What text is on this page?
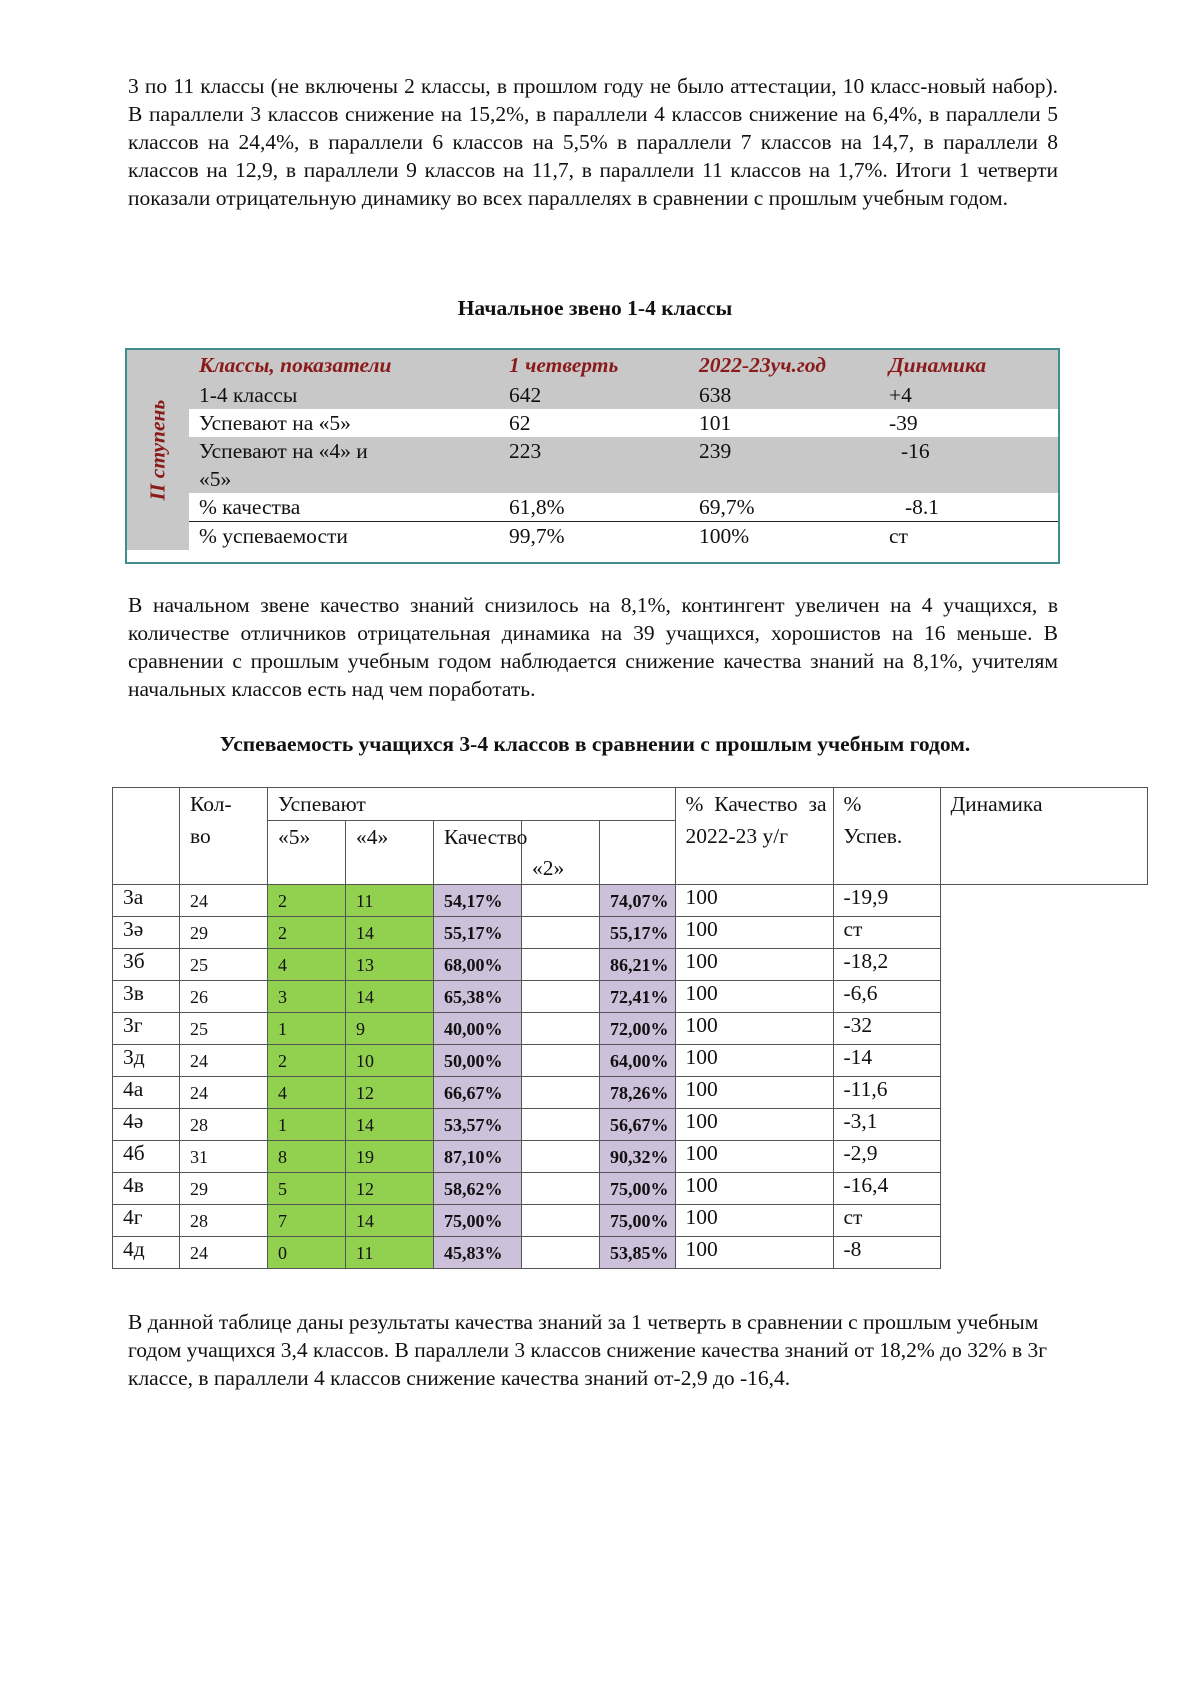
3 по 11 классы (не включены 2 классы, в прошлом году не было аттестации, 10 класс-новый набор). В параллели 3 классов снижение на 15,2%, в параллели 4 классов снижение на 6,4%, в параллели 5 классов на 24,4%, в параллели 6 классов на 5,5% в параллели 7 классов на 14,7, в параллели 8 классов на 12,9, в параллели 9 классов на 11,7, в параллели 11 классов на 1,7%. Итоги 1 четверти показали отрицательную динамику во всех параллелях в сравнении с прошлым учебным годом.
Начальное звено 1-4 классы
II ступень	Классы, показатели	1 четверть	2022-23уч.год	Динамика
	1-4 классы	642	638	+4
	Успевают на «5»	62	101	-39
	Успевают на «4» и «5»	223	239	-16
	% качества	61,8%	69,7%	-8.1
	% успеваемости	99,7%	100%	ст
В начальном звене качество знаний снизилось на 8,1%, контингент увеличен на 4 учащихся, в количестве отличников отрицательная динамика на 39 учащихся, хорошистов на 16 меньше. В сравнении с прошлым учебным годом наблюдается снижение качества знаний на 8,1%, учителям начальных классов есть над чем поработать.
Успеваемость учащихся 3-4 классов в сравнении с прошлым учебным годом.

	Кол-во	Успевают					% Качество за 2022-23 у/г	% Успев.	Динамика
		«5»	«4»	Качество	«2»				
3а	24	2	11	54,17%		74,07%	100	-19,9	
3ә	29	2	14	55,17%		55,17%	100	ст	
3б	25	4	13	68,00%		86,21%	100	-18,2	
3в	26	3	14	65,38%		72,41%	100	-6,6	
3г	25	1	9	40,00%		72,00%	100	-32	
3д	24	2	10	50,00%		64,00%	100	-14	
4а	24	4	12	66,67%		78,26%	100	-11,6	
4ә	28	1	14	53,57%		56,67%	100	-3,1	
4б	31	8	19	87,10%		90,32%	100	-2,9	
4в	29	5	12	58,62%		75,00%	100	-16,4	
4г	28	7	14	75,00%		75,00%	100	ст	
4д	24	0	11	45,83%		53,85%	100	-8	
В данной таблице даны результаты качества знаний за 1 четверть в сравнении с прошлым учебным годом учащихся 3,4 классов. В параллели 3 классов снижение качества знаний от 18,2% до 32% в 3г классе, в параллели 4 классов снижение качества знаний от-2,9 до -16,4.
